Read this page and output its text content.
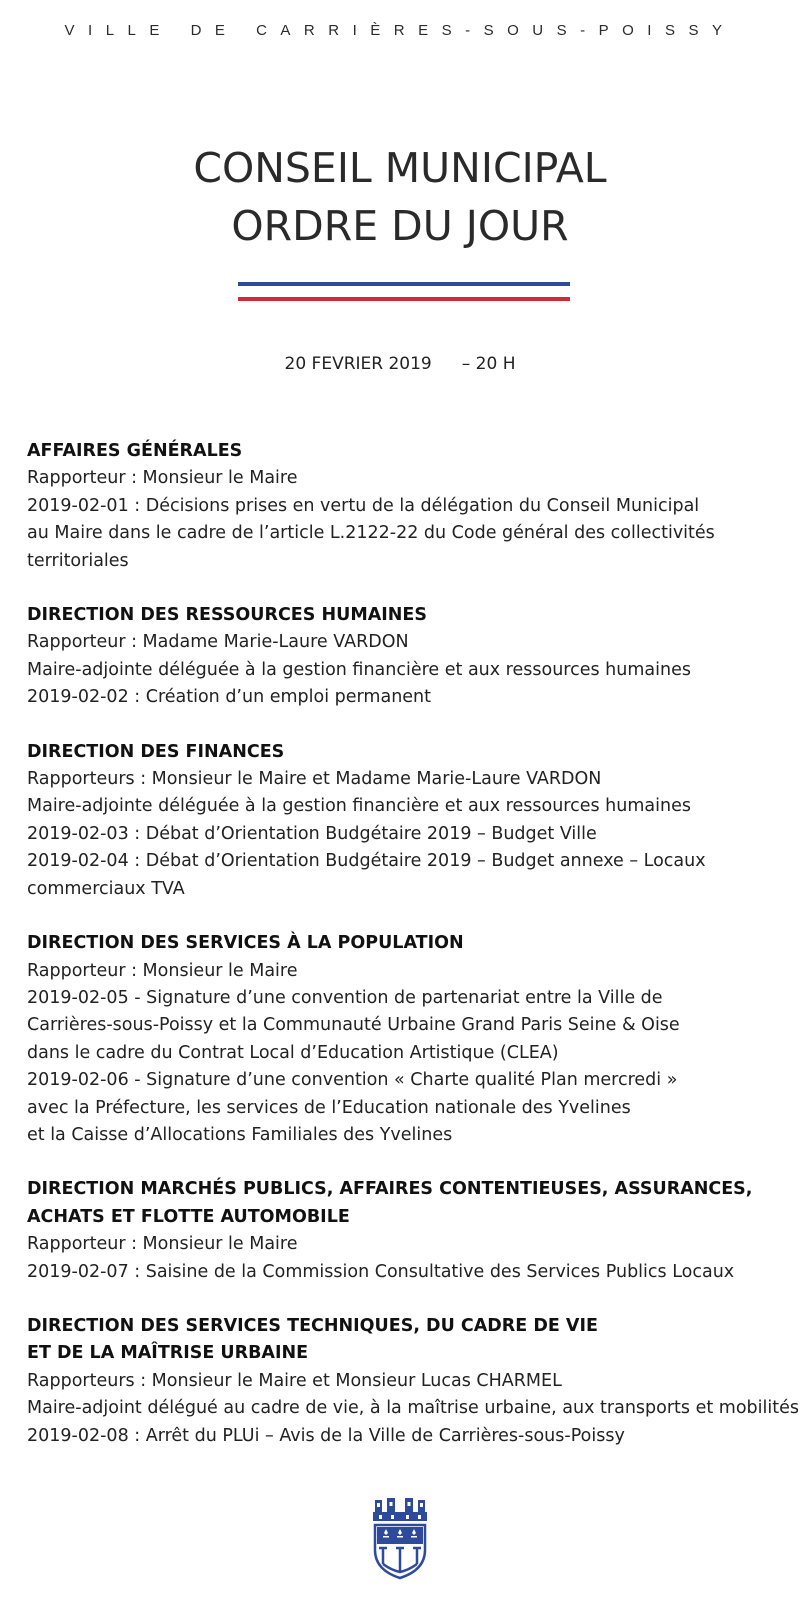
VILLE DE CARRIÈRES-SOUS-POISSY
CONSEIL MUNICIPAL
ORDRE DU JOUR
20 FEVRIER 2019 – 20 H
AFFAIRES GÉNÉRALES
Rapporteur : Monsieur le Maire
2019-02-01 : Décisions prises en vertu de la délégation du Conseil Municipal
au Maire dans le cadre de l’article L.2122-22 du Code général des collectivités
territoriales
DIRECTION DES RESSOURCES HUMAINES
Rapporteur : Madame Marie-Laure VARDON
Maire-adjointe déléguée à la gestion financière et aux ressources humaines
2019-02-02 : Création d’un emploi permanent
DIRECTION DES FINANCES
Rapporteurs : Monsieur le Maire et Madame Marie-Laure VARDON
Maire-adjointe déléguée à la gestion financière et aux ressources humaines
2019-02-03 : Débat d’Orientation Budgétaire 2019 – Budget Ville
2019-02-04 : Débat d’Orientation Budgétaire 2019 – Budget annexe – Locaux
commerciaux TVA
DIRECTION DES SERVICES À LA POPULATION
Rapporteur : Monsieur le Maire
2019-02-05 - Signature d’une convention de partenariat entre la Ville de
Carrières-sous-Poissy et la Communauté Urbaine Grand Paris Seine & Oise
dans le cadre du Contrat Local d’Education Artistique (CLEA)
2019-02-06 - Signature d’une convention « Charte qualité Plan mercredi »
avec la Préfecture, les services de l’Education nationale des Yvelines
et la Caisse d’Allocations Familiales des Yvelines
DIRECTION MARCHÉS PUBLICS, AFFAIRES CONTENTIEUSES, ASSURANCES,
ACHATS ET FLOTTE AUTOMOBILE
Rapporteur : Monsieur le Maire
2019-02-07 : Saisine de la Commission Consultative des Services Publics Locaux
DIRECTION DES SERVICES TECHNIQUES, DU CADRE DE VIE
ET DE LA MAÎTRISE URBAINE
Rapporteurs : Monsieur le Maire et Monsieur Lucas CHARMEL
Maire-adjoint délégué au cadre de vie, à la maîtrise urbaine, aux transports et mobilités
2019-02-08 : Arrêt du PLUi – Avis de la Ville de Carrières-sous-Poissy
